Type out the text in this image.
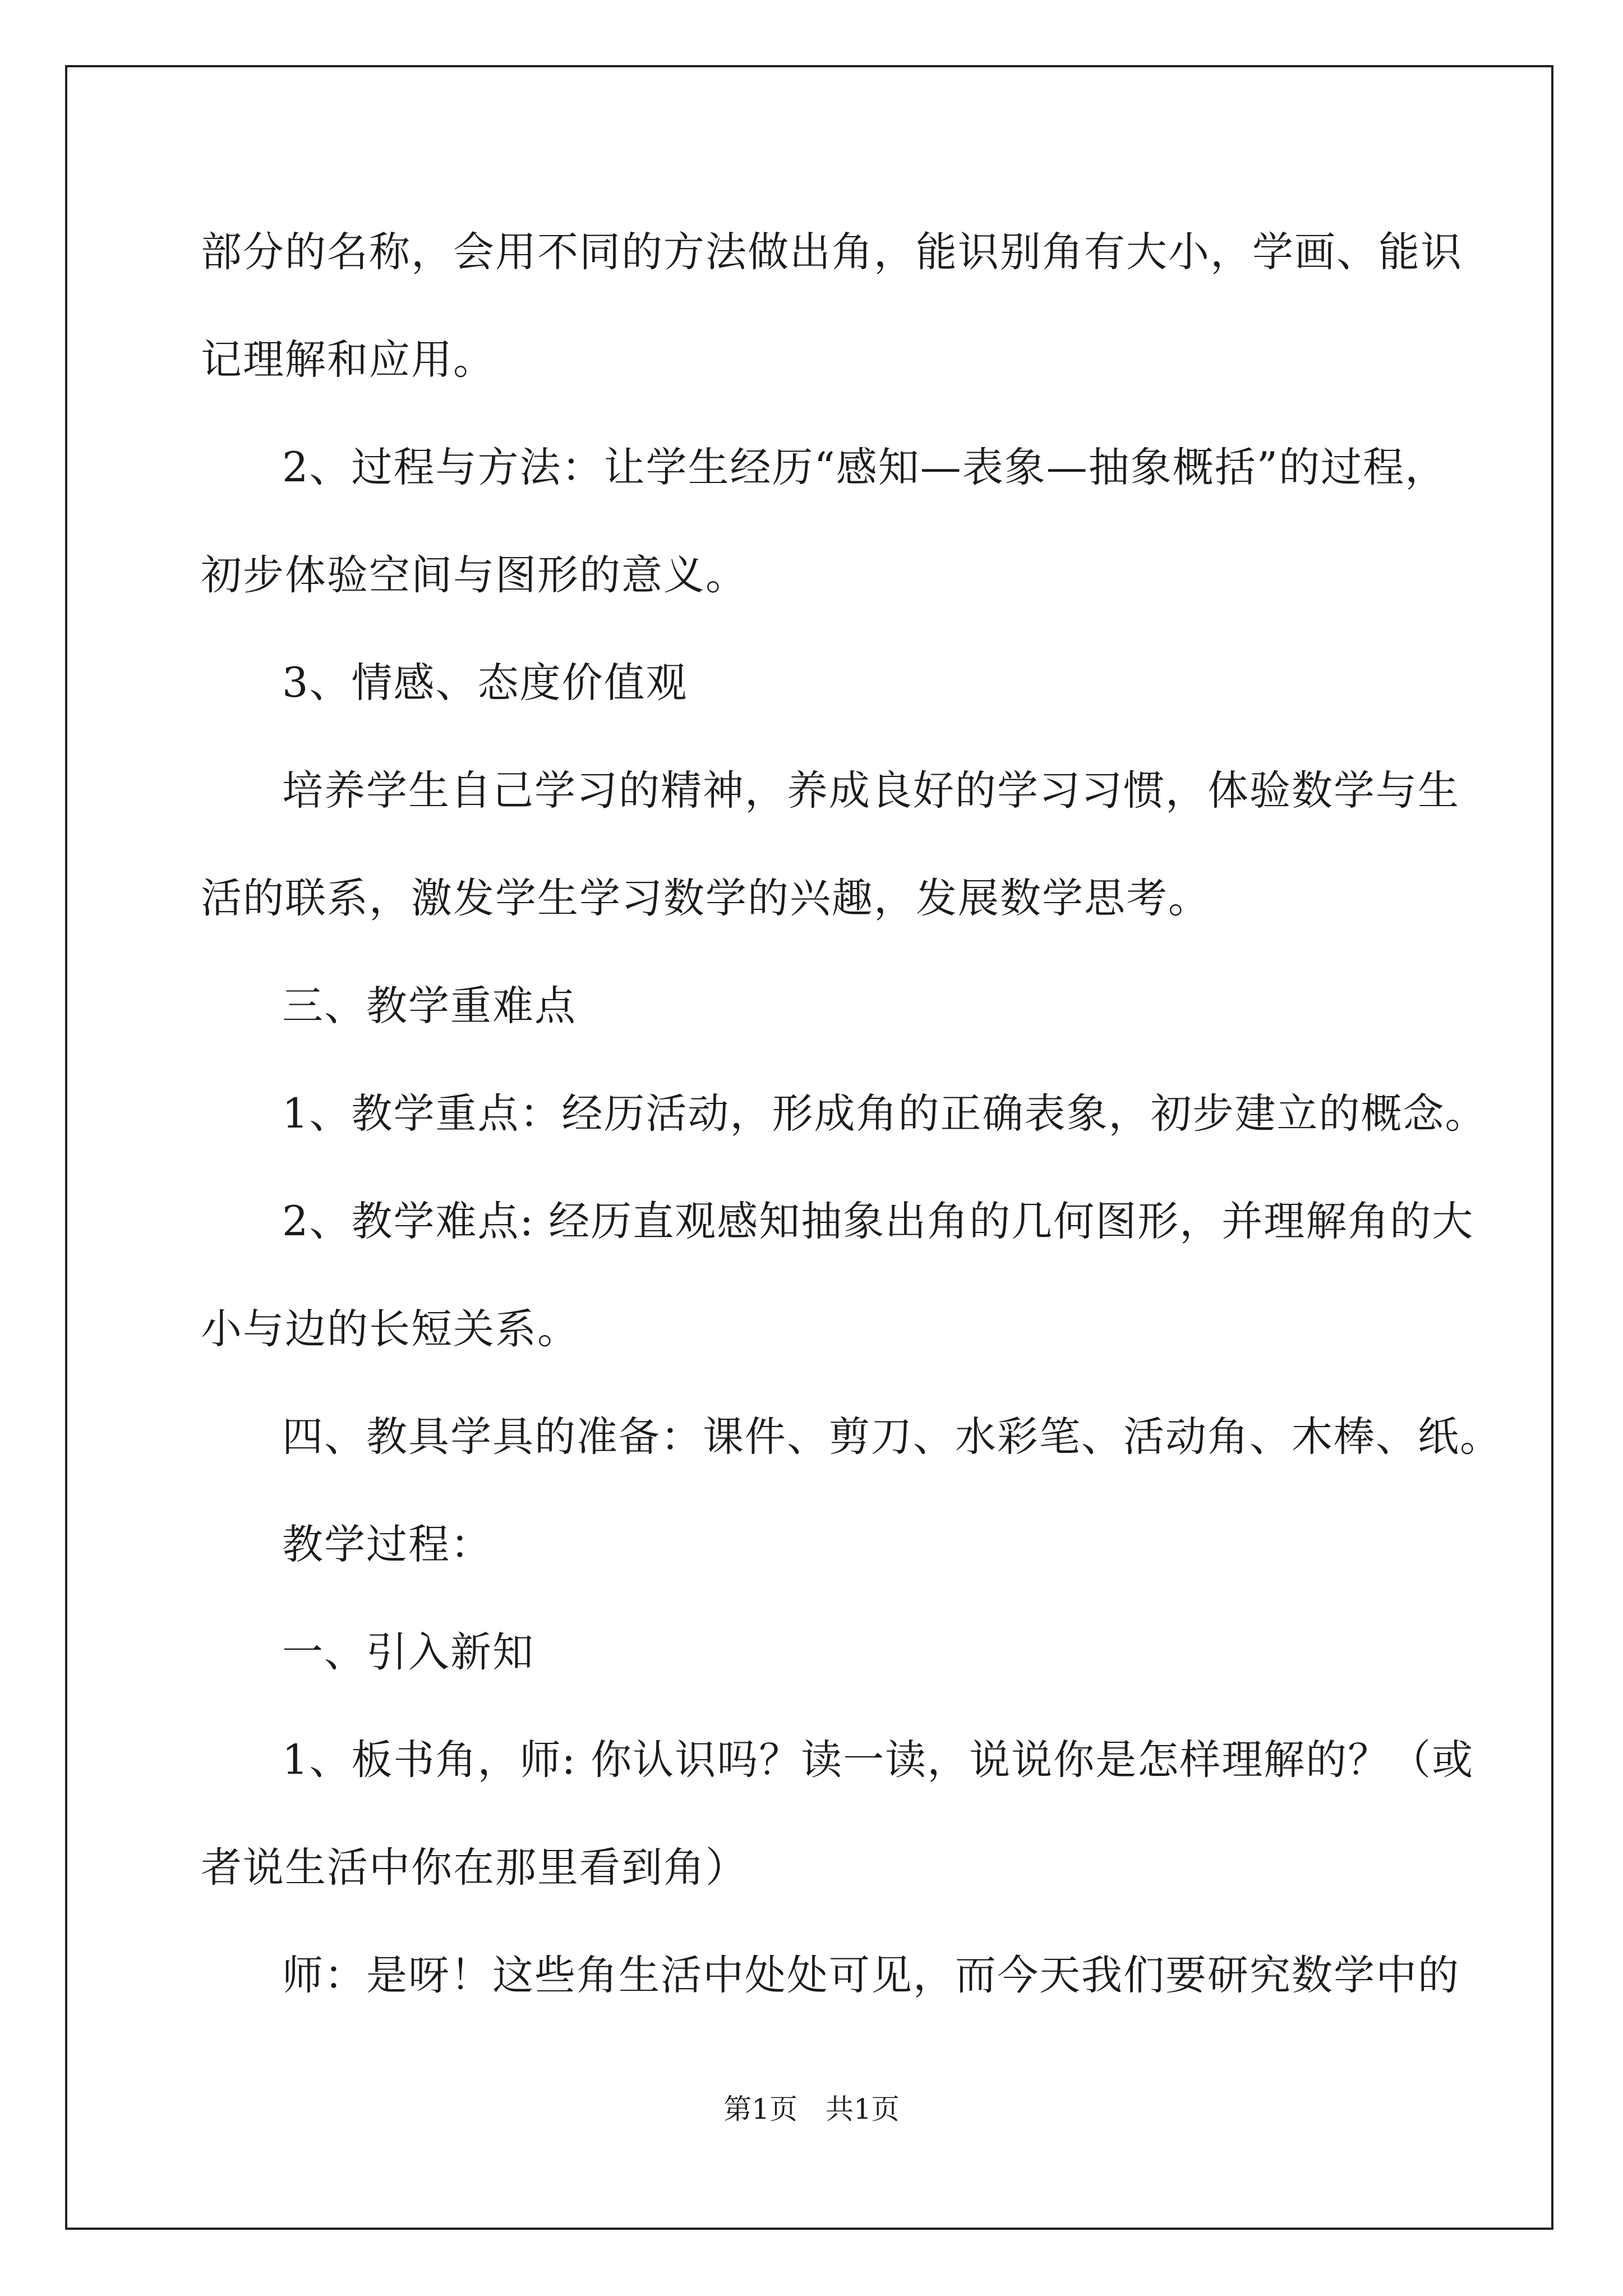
部分的名称，会用不同的方法做出角，能识别角有大小，学画、能识
记理解和应用。
2、过程与方法：让学生经历“感知—表象—抽象概括”的过程，
初步体验空间与图形的意义。
3、情感、态度价值观
培养学生自己学习的精神，养成良好的学习习惯，体验数学与生
活的联系，激发学生学习数学的兴趣，发展数学思考。
三、教学重难点
1、教学重点：经历活动，形成角的正确表象，初步建立的概念。
2、教学难点: 经历直观感知抽象出角的几何图形，并理解角的大
小与边的长短关系。
四、教具学具的准备：课件、剪刀、水彩笔、活动角、木棒、纸。
教学过程：
一、引入新知
1、板书角，师: 你认识吗？读一读，说说你是怎样理解的？（或
者说生活中你在那里看到角）
师：是呀！这些角生活中处处可见，而今天我们要研究数学中的
第1页　共1页
